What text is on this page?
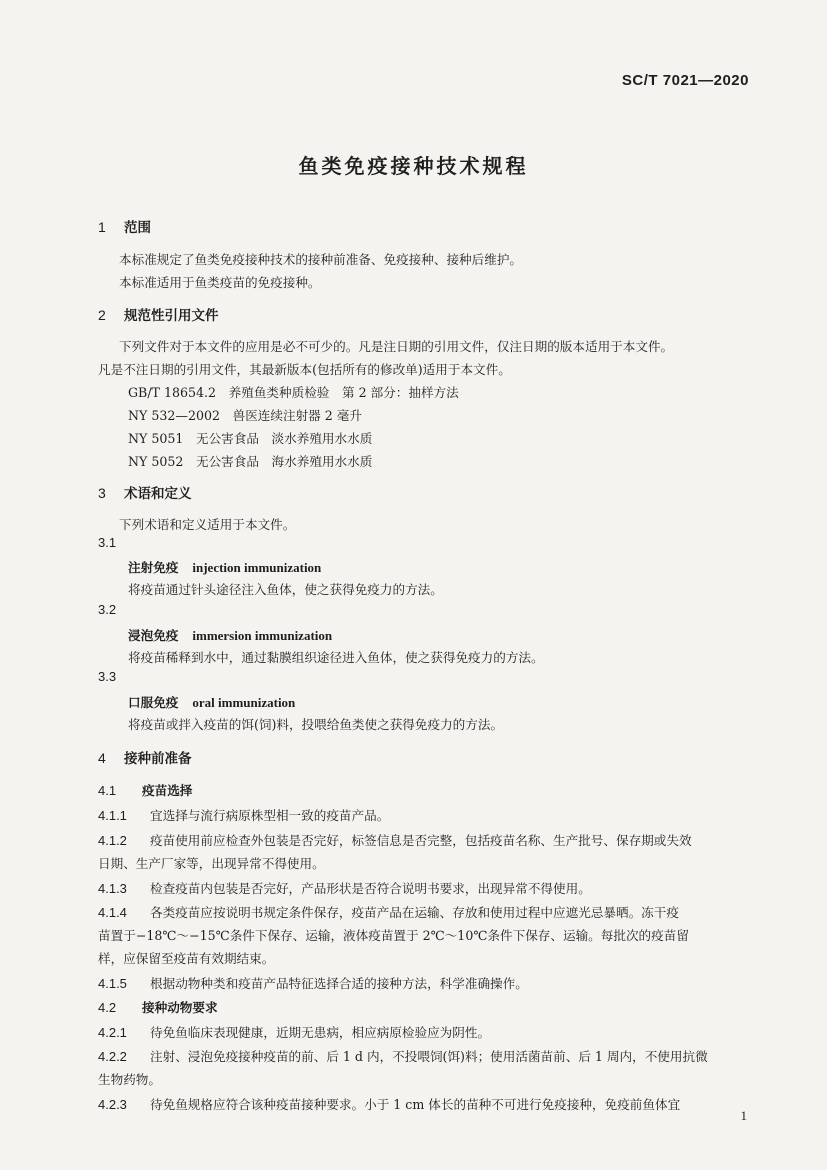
SC/T 7021—2020
鱼类免疫接种技术规程
1 范围
本标准规定了鱼类免疫接种技术的接种前准备、免疫接种、接种后维护。
本标准适用于鱼类疫苗的免疫接种。
2 规范性引用文件
下列文件对于本文件的应用是必不可少的。凡是注日期的引用文件，仅注日期的版本适用于本文件。
凡是不注日期的引用文件，其最新版本(包括所有的修改单)适用于本文件。
GB/T 18654.2　养殖鱼类种质检验　第 2 部分：抽样方法
NY 532—2002　兽医连续注射器 2 毫升
NY 5051　无公害食品　淡水养殖用水水质
NY 5052　无公害食品　海水养殖用水水质
3 术语和定义
下列术语和定义适用于本文件。
3.1
注射免疫 injection immunization
将疫苗通过针头途径注入鱼体，使之获得免疫力的方法。
3.2
浸泡免疫 immersion immunization
将疫苗稀释到水中，通过黏膜组织途径进入鱼体，使之获得免疫力的方法。
3.3
口服免疫 oral immunization
将疫苗或拌入疫苗的饵(饲)料，投喂给鱼类使之获得免疫力的方法。
4 接种前准备
4.1 疫苗选择
4.1.1 宜选择与流行病原株型相一致的疫苗产品。
4.1.2 疫苗使用前应检查外包装是否完好，标签信息是否完整，包括疫苗名称、生产批号、保存期或失效
日期、生产厂家等，出现异常不得使用。
4.1.3 检查疫苗内包装是否完好，产品形状是否符合说明书要求，出现异常不得使用。
4.1.4 各类疫苗应按说明书规定条件保存，疫苗产品在运输、存放和使用过程中应遮光忌暴晒。冻干疫
苗置于−18℃～−15℃条件下保存、运输，液体疫苗置于 2℃～10℃条件下保存、运输。每批次的疫苗留
样，应保留至疫苗有效期结束。
4.1.5 根据动物种类和疫苗产品特征选择合适的接种方法，科学准确操作。
4.2 接种动物要求
4.2.1 待免鱼临床表现健康，近期无患病，相应病原检验应为阴性。
4.2.2 注射、浸泡免疫接种疫苗的前、后 1 d 内，不投喂饲(饵)料；使用活菌苗前、后 1 周内，不使用抗微
生物药物。
4.2.3 待免鱼规格应符合该种疫苗接种要求。小于 1 cm 体长的苗种不可进行免疫接种，免疫前鱼体宜
1
